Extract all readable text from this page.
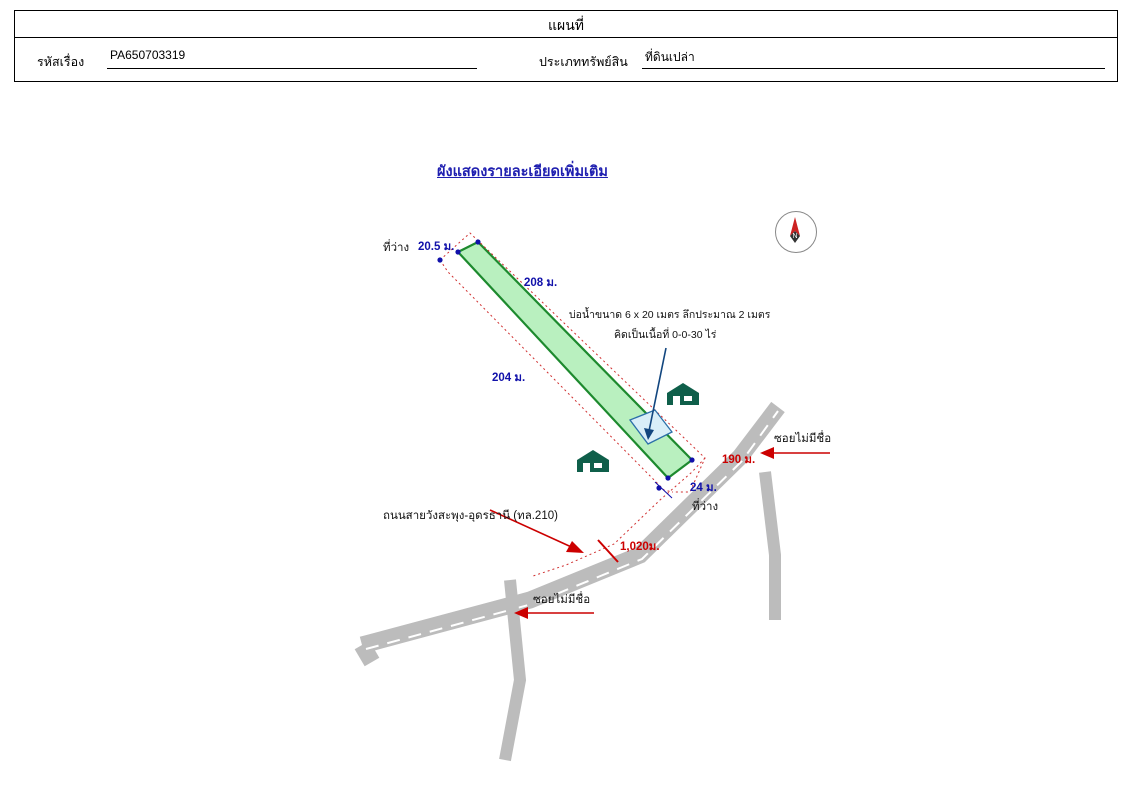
แผนที่
รหัสเรื่อง PA650703319	ประเภททรัพย์สิน ที่ดินเปล่า
ผังแสดงรายละเอียดเพิ่มเติม
N
ที่ว่าง 20.5 ม.
208 ม.
204 ม.
190 ม.
24 ม.
ที่ว่าง
บ่อน้ำขนาด 6 x 20 เมตร ลึกประมาณ 2 เมตร
คิดเป็นเนื้อที่ 0-0-30 ไร่
ถนนสายวังสะพุง-อุดรธานี (ทล.210)
1,020ม.
ซอยไม่มีชื่อ
ซอยไม่มีชื่อ
